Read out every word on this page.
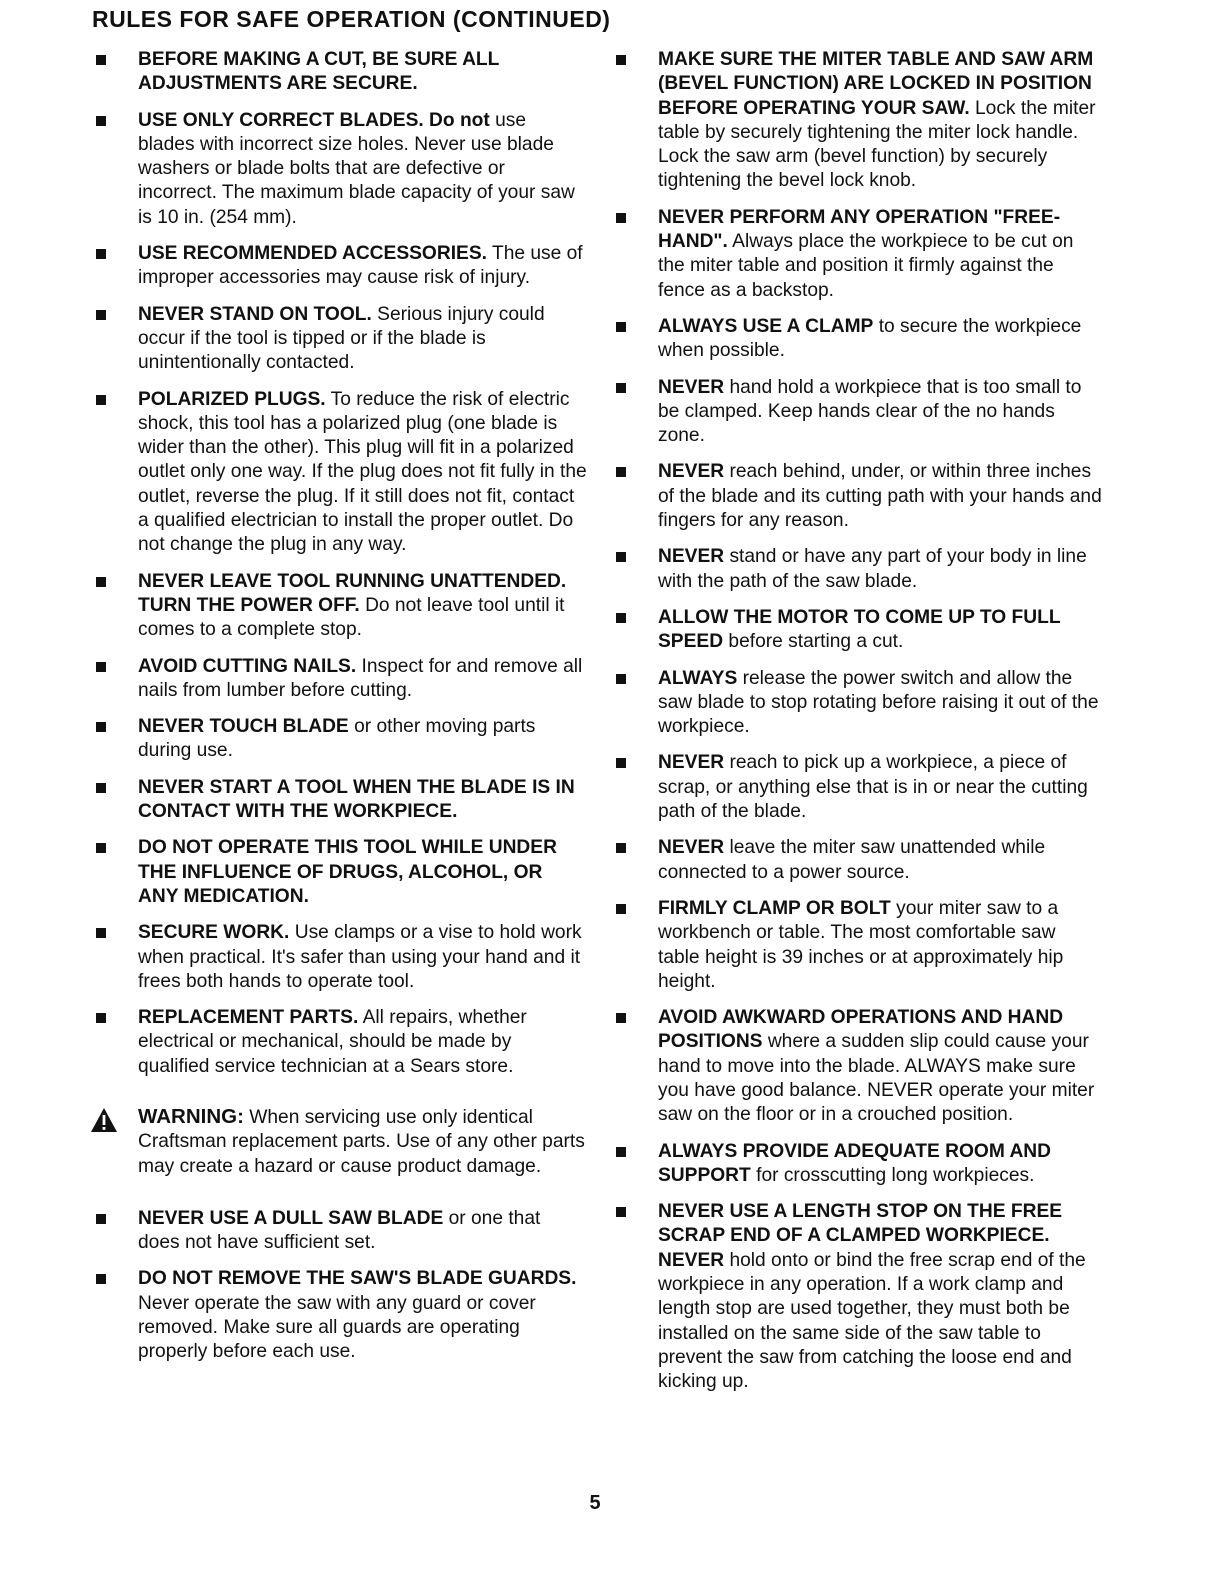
RULES FOR SAFE OPERATION (CONTINUED)
BEFORE MAKING A CUT, BE SURE ALL ADJUSTMENTS ARE SECURE.
USE ONLY CORRECT BLADES. Do not use blades with incorrect size holes. Never use blade washers or blade bolts that are defective or incorrect. The maximum blade capacity of your saw is 10 in. (254 mm).
USE RECOMMENDED ACCESSORIES. The use of improper accessories may cause risk of injury.
NEVER STAND ON TOOL. Serious injury could occur if the tool is tipped or if the blade is unintentionally contacted.
POLARIZED PLUGS. To reduce the risk of electric shock, this tool has a polarized plug (one blade is wider than the other). This plug will fit in a polarized outlet only one way. If the plug does not fit fully in the outlet, reverse the plug. If it still does not fit, contact a qualified electrician to install the proper outlet. Do not change the plug in any way.
NEVER LEAVE TOOL RUNNING UNATTENDED. TURN THE POWER OFF. Do not leave tool until it comes to a complete stop.
AVOID CUTTING NAILS. Inspect for and remove all nails from lumber before cutting.
NEVER TOUCH BLADE or other moving parts during use.
NEVER START A TOOL WHEN THE BLADE IS IN CONTACT WITH THE WORKPIECE.
DO NOT OPERATE THIS TOOL WHILE UNDER THE INFLUENCE OF DRUGS, ALCOHOL, OR ANY MEDICATION.
SECURE WORK. Use clamps or a vise to hold work when practical. It's safer than using your hand and it frees both hands to operate tool.
REPLACEMENT PARTS. All repairs, whether electrical or mechanical, should be made by qualified service technician at a Sears store.
WARNING: When servicing use only identical Craftsman replacement parts. Use of any other parts may create a hazard or cause product damage.
NEVER USE A DULL SAW BLADE or one that does not have sufficient set.
DO NOT REMOVE THE SAW'S BLADE GUARDS. Never operate the saw with any guard or cover removed. Make sure all guards are operating properly before each use.
MAKE SURE THE MITER TABLE AND SAW ARM (BEVEL FUNCTION) ARE LOCKED IN POSITION BEFORE OPERATING YOUR SAW. Lock the miter table by securely tightening the miter lock handle. Lock the saw arm (bevel function) by securely tightening the bevel lock knob.
NEVER PERFORM ANY OPERATION "FREE-HAND". Always place the workpiece to be cut on the miter table and position it firmly against the fence as a backstop.
ALWAYS USE A CLAMP to secure the workpiece when possible.
NEVER hand hold a workpiece that is too small to be clamped. Keep hands clear of the no hands zone.
NEVER reach behind, under, or within three inches of the blade and its cutting path with your hands and fingers for any reason.
NEVER stand or have any part of your body in line with the path of the saw blade.
ALLOW THE MOTOR TO COME UP TO FULL SPEED before starting a cut.
ALWAYS release the power switch and allow the saw blade to stop rotating before raising it out of the workpiece.
NEVER reach to pick up a workpiece, a piece of scrap, or anything else that is in or near the cutting path of the blade.
NEVER leave the miter saw unattended while connected to a power source.
FIRMLY CLAMP OR BOLT your miter saw to a workbench or table. The most comfortable saw table height is 39 inches or at approximately hip height.
AVOID AWKWARD OPERATIONS AND HAND POSITIONS where a sudden slip could cause your hand to move into the blade. ALWAYS make sure you have good balance. NEVER operate your miter saw on the floor or in a crouched position.
ALWAYS PROVIDE ADEQUATE ROOM AND SUPPORT for crosscutting long workpieces.
NEVER USE A LENGTH STOP ON THE FREE SCRAP END OF A CLAMPED WORKPIECE. NEVER hold onto or bind the free scrap end of the workpiece in any operation. If a work clamp and length stop are used together, they must both be installed on the same side of the saw table to prevent the saw from catching the loose end and kicking up.
5
